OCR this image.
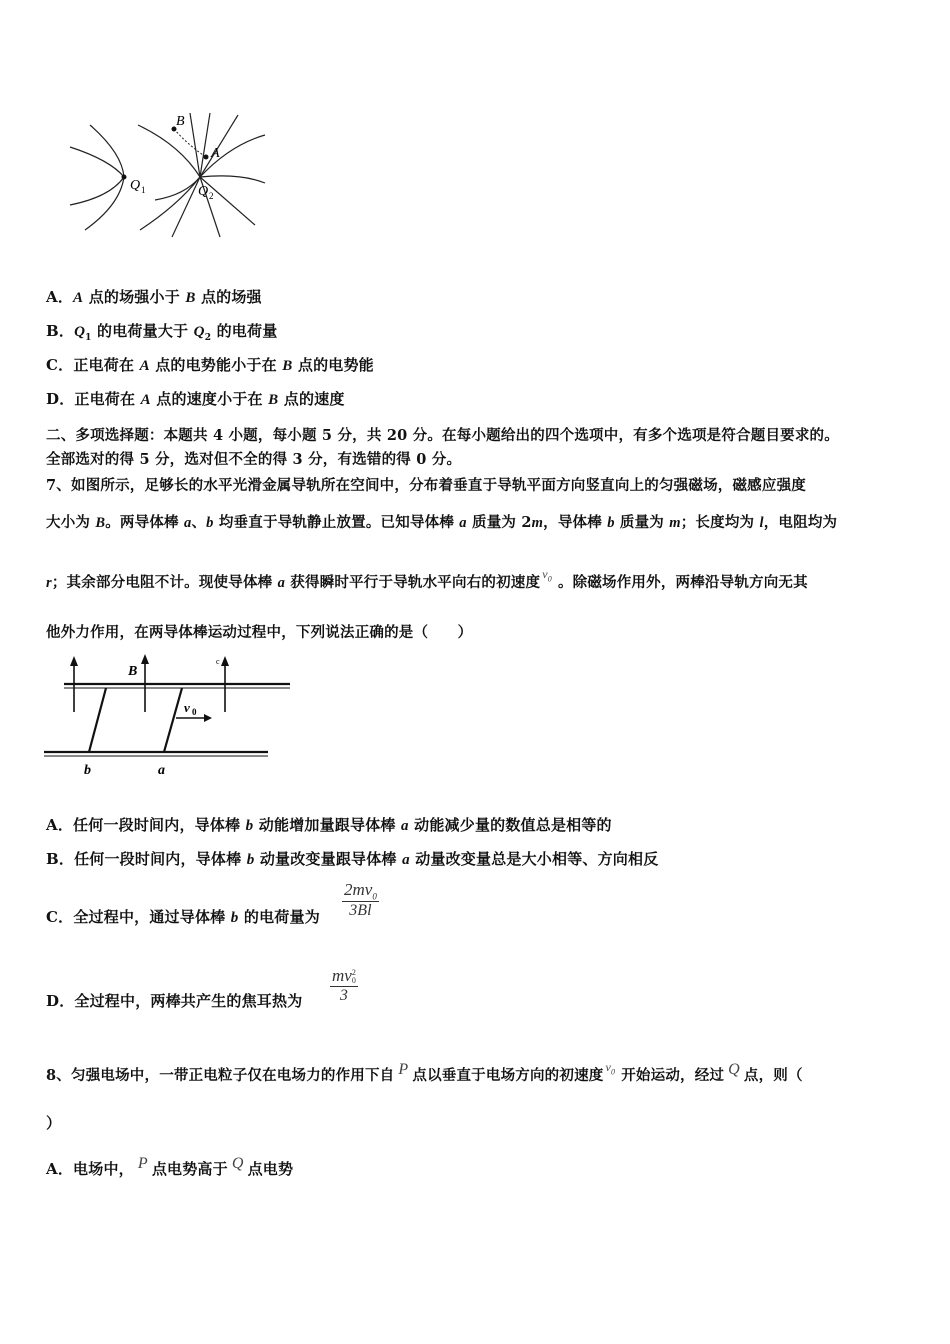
B
A
Q 1	Q 2
A．A 点的场强小于 B 点的场强
B．$Q_1$ 的电荷量大于 $Q_2$ 的电荷量
C．正电荷在 A 点的电势能小于在 B 点的电势能
D．正电荷在 A 点的速度小于在 B 点的速度
二、多项选择题：本题共 4 小题，每小题 5 分，共 20 分。在每小题给出的四个选项中，有多个选项是符合题目要求的。
全部选对的得 5 分，选对但不全的得 3 分，有选错的得 0 分。
7、如图所示，足够长的水平光滑金属导轨所在空间中，分布着垂直于导轨平面方向竖直向上的匀强磁场，磁感应强度
大小为 B。两导体棒 a、b 均垂直于导轨静止放置。已知导体棒 a 质量为 2m，导体棒 b 质量为 m；长度均为 l，电阻均为
r；其余部分电阻不计。现使导体棒 a 获得瞬时平行于导轨水平向右的初速度 $^{v_0}$ 。除磁场作用外，两棒沿导轨方向无其
他外力作用，在两导体棒运动过程中，下列说法正确的是（　　）
B
c
v 0
b	a
A．任何一段时间内，导体棒 b 动能增加量跟导体棒 a 动能减少量的数值总是相等的
B．任何一段时间内，导体棒 b 动量改变量跟导体棒 a 动量改变量总是大小相等、方向相反
C．全过程中，通过导体棒 b 的电荷量为 $\frac{2mv_0}{3Bl}$
D．全过程中，两棒共产生的焦耳热为 mv 2
0
3
8、匀强电场中，一带正电粒子仅在电场力的作用下自 P 点以垂直于电场方向的初速度 $^{v_0}$ 开始运动，经过 Q 点，则（
）
A．电场中， P 点电势高于 Q 点电势
